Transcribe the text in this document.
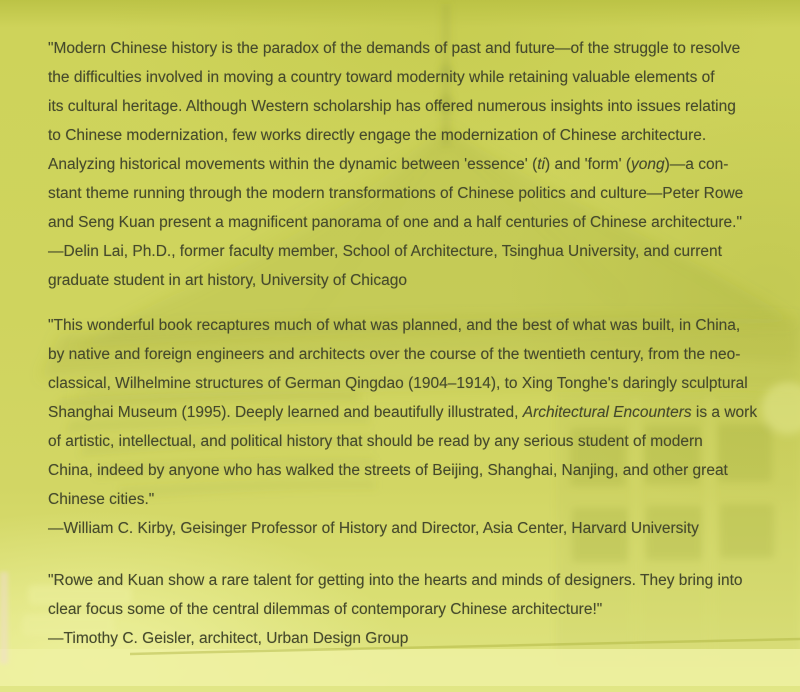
"Modern Chinese history is the paradox of the demands of past and future—of the struggle to resolve
the difficulties involved in moving a country toward modernity while retaining valuable elements of
its cultural heritage. Although Western scholarship has offered numerous insights into issues relating
to Chinese modernization, few works directly engage the modernization of Chinese architecture.
Analyzing historical movements within the dynamic between 'essence' (ti) and 'form' (yong)—a con-
stant theme running through the modern transformations of Chinese politics and culture—Peter Rowe
and Seng Kuan present a magnificent panorama of one and a half centuries of Chinese architecture."
—Delin Lai, Ph.D., former faculty member, School of Architecture, Tsinghua University, and current
graduate student in art history, University of Chicago
"This wonderful book recaptures much of what was planned, and the best of what was built, in China,
by native and foreign engineers and architects over the course of the twentieth century, from the neo-
classical, Wilhelmine structures of German Qingdao (1904–1914), to Xing Tonghe's daringly sculptural
Shanghai Museum (1995). Deeply learned and beautifully illustrated, Architectural Encounters is a work
of artistic, intellectual, and political history that should be read by any serious student of modern
China, indeed by anyone who has walked the streets of Beijing, Shanghai, Nanjing, and other great
Chinese cities."
—William C. Kirby, Geisinger Professor of History and Director, Asia Center, Harvard University
"Rowe and Kuan show a rare talent for getting into the hearts and minds of designers. They bring into
clear focus some of the central dilemmas of contemporary Chinese architecture!"
—Timothy C. Geisler, architect, Urban Design Group
